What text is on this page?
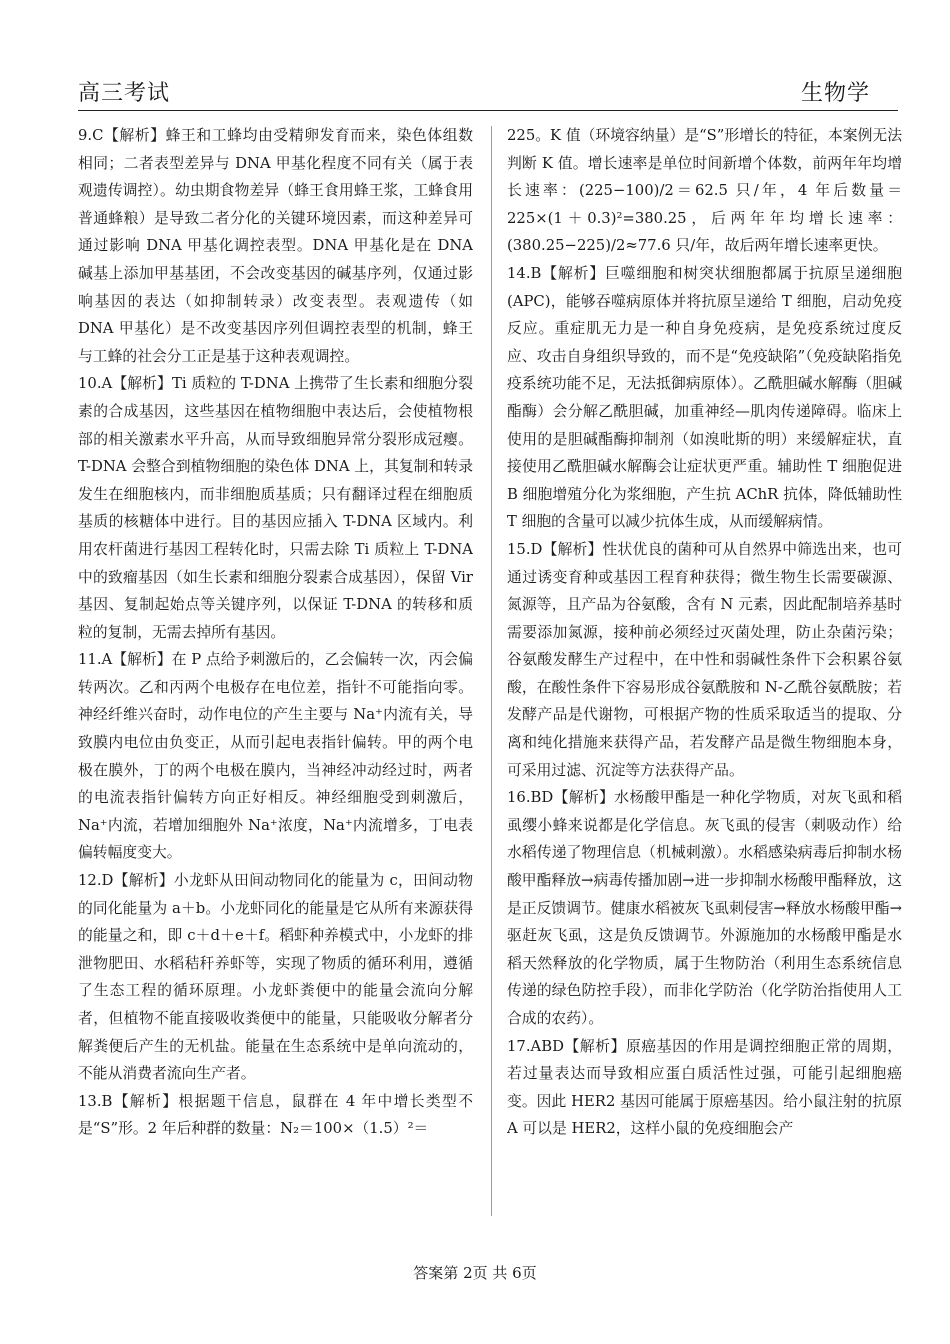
高三考试	生物学

9.C【解析】蜂王和工蜂均由受精卵发育而来，染色体组数相同；二者表型差异与 DNA 甲基化程度不同有关（属于表观遗传调控）。幼虫期食物差异（蜂王食用蜂王浆，工蜂食用普通蜂粮）是导致二者分化的关键环境因素，而这种差异可通过影响 DNA 甲基化调控表型。DNA 甲基化是在 DNA 碱基上添加甲基基团，不会改变基因的碱基序列，仅通过影响基因的表达（如抑制转录）改变表型。表观遗传（如 DNA 甲基化）是不改变基因序列但调控表型的机制，蜂王与工蜂的社会分工正是基于这种表观调控。

10.A【解析】Ti 质粒的 T-DNA 上携带了生长素和细胞分裂素的合成基因，这些基因在植物细胞中表达后，会使植物根部的相关激素水平升高，从而导致细胞异常分裂形成冠瘿。T-DNA 会整合到植物细胞的染色体 DNA 上，其复制和转录发生在细胞核内，而非细胞质基质；只有翻译过程在细胞质基质的核糖体中进行。目的基因应插入 T-DNA 区域内。利用农杆菌进行基因工程转化时，只需去除 Ti 质粒上 T-DNA 中的致瘤基因（如生长素和细胞分裂素合成基因），保留 Vir 基因、复制起始点等关键序列，以保证 T-DNA 的转移和质粒的复制，无需去掉所有基因。

11.A【解析】在 P 点给予刺激后的，乙会偏转一次，丙会偏转两次。乙和丙两个电极存在电位差，指针不可能指向零。神经纤维兴奋时，动作电位的产生主要与 Na⁺内流有关，导致膜内电位由负变正，从而引起电表指针偏转。甲的两个电极在膜外，丁的两个电极在膜内，当神经冲动经过时，两者的电流表指针偏转方向正好相反。神经细胞受到刺激后，Na⁺内流，若增加细胞外 Na⁺浓度，Na⁺内流增多，丁电表偏转幅度变大。

12.D【解析】小龙虾从田间动物同化的能量为 c，田间动物的同化能量为 a＋b。小龙虾同化的能量是它从所有来源获得的能量之和，即 c＋d＋e＋f。稻虾种养模式中，小龙虾的排泄物肥田、水稻秸秆养虾等，实现了物质的循环利用，遵循了生态工程的循环原理。小龙虾粪便中的能量会流向分解者，但植物不能直接吸收粪便中的能量，只能吸收分解者分解粪便后产生的无机盐。能量在生态系统中是单向流动的，不能从消费者流向生产者。

13.B【解析】根据题干信息，鼠群在 4 年中增长类型不是“S”形。2 年后种群的数量：N₂＝100×（1.5）²＝

225。K 值（环境容纳量）是“S”形增长的特征，本案例无法判断 K 值。增长速率是单位时间新增个体数，前两年年均增长速率：(225−100)/2＝62.5 只/年，4 年后数量＝225×(1＋0.3)²=380.25，后两年年均增长速率：(380.25−225)/2≈77.6 只/年，故后两年增长速率更快。

14.B【解析】巨噬细胞和树突状细胞都属于抗原呈递细胞(APC)，能够吞噬病原体并将抗原呈递给 T 细胞，启动免疫反应。重症肌无力是一种自身免疫病，是免疫系统过度反应、攻击自身组织导致的，而不是“免疫缺陷”（免疫缺陷指免疫系统功能不足，无法抵御病原体）。乙酰胆碱水解酶（胆碱酯酶）会分解乙酰胆碱，加重神经—肌肉传递障碍。临床上使用的是胆碱酯酶抑制剂（如溴吡斯的明）来缓解症状，直接使用乙酰胆碱水解酶会让症状更严重。辅助性 T 细胞促进 B 细胞增殖分化为浆细胞，产生抗 AChR 抗体，降低辅助性 T 细胞的含量可以减少抗体生成，从而缓解病情。

15.D【解析】性状优良的菌种可从自然界中筛选出来，也可通过诱变育种或基因工程育种获得；微生物生长需要碳源、氮源等，且产品为谷氨酸，含有 N 元素，因此配制培养基时需要添加氮源，接种前必须经过灭菌处理，防止杂菌污染；谷氨酸发酵生产过程中，在中性和弱碱性条件下会积累谷氨酸，在酸性条件下容易形成谷氨酰胺和 N-乙酰谷氨酰胺；若发酵产品是代谢物，可根据产物的性质采取适当的提取、分离和纯化措施来获得产品，若发酵产品是微生物细胞本身，可采用过滤、沉淀等方法获得产品。

16.BD【解析】水杨酸甲酯是一种化学物质，对灰飞虱和稻虱缨小蜂来说都是化学信息。灰飞虱的侵害（刺吸动作）给水稻传递了物理信息（机械刺激）。水稻感染病毒后抑制水杨酸甲酯释放→病毒传播加剧→进一步抑制水杨酸甲酯释放，这是正反馈调节。健康水稻被灰飞虱刺侵害→释放水杨酸甲酯→驱赶灰飞虱，这是负反馈调节。外源施加的水杨酸甲酯是水稻天然释放的化学物质，属于生物防治（利用生态系统信息传递的绿色防控手段），而非化学防治（化学防治指使用人工合成的农药）。

17.ABD【解析】原癌基因的作用是调控细胞正常的周期，若过量表达而导致相应蛋白质活性过强，可能引起细胞癌变。因此 HER2 基因可能属于原癌基因。给小鼠注射的抗原 A 可以是 HER2，这样小鼠的免疫细胞会产

答案第 2页 共 6页
